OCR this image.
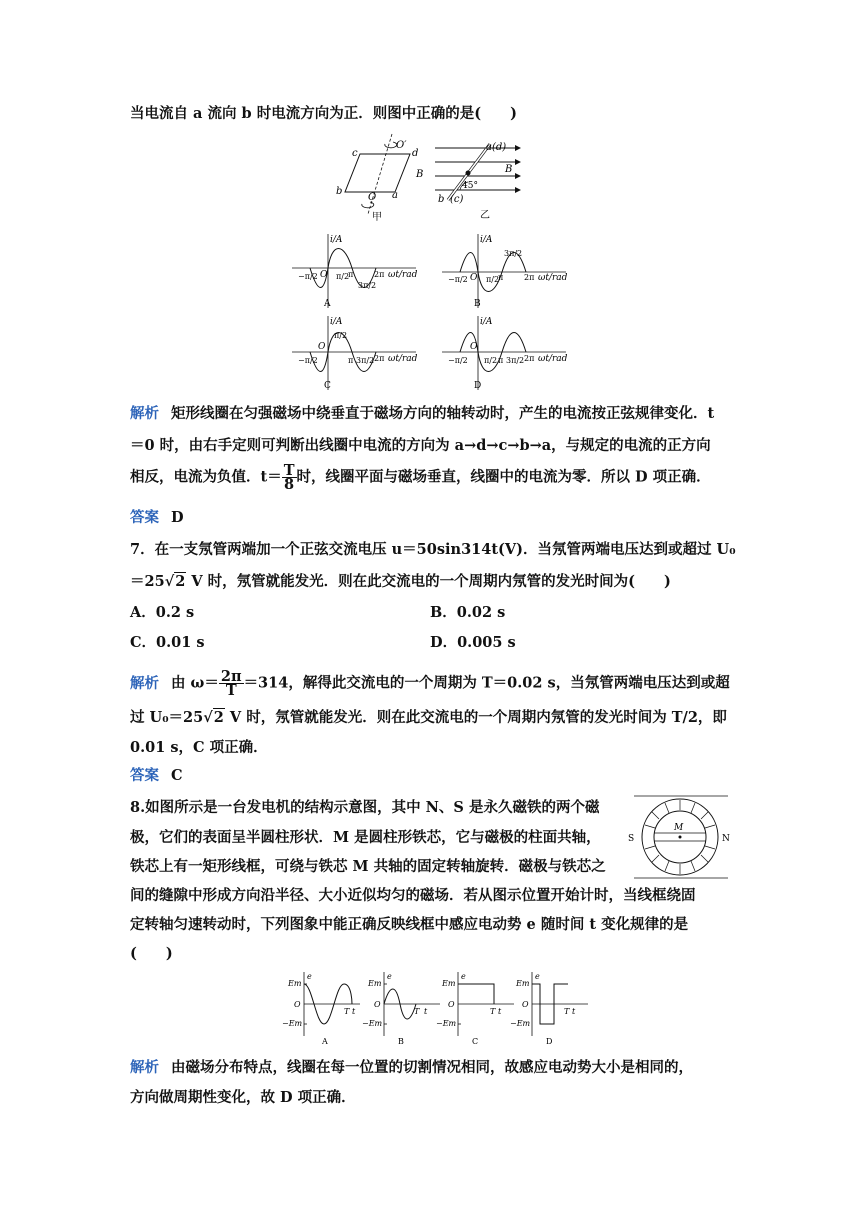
当电流自 a 流向 b 时电流方向为正．则图中正确的是(　　)
c	d
O′
B
b
O a
甲
a(d)
B
45°
b (c)
乙
i/A
ωt/rad
O
−π/2 π/2
π
3π/2
2π
A
i/A
ωt/rad
O
−π/2 π/2
π
3π/2
2π
B
i/A
ωt/rad
O
−π/2
π/2
π 3π/2 2π
C
i/A
ωt/rad
O
−π/2 π/2 π 3π/2 2π
D
解析 矩形线圈在匀强磁场中绕垂直于磁场方向的轴转动时，产生的电流按正弦规律变化．t
＝0 时，由右手定则可判断出线圈中电流的方向为 a→d→c→b→a，与规定的电流的正方向
相反，电流为负值．$t= \frac{T}{8}$ 时，线圈平面与磁场垂直，线圈中的电流为零．所以 D 项正确．
答案 D
7．在一支氖管两端加一个正弦交流电压 u＝50sin314t(V)．当氖管两端电压达到或超过 U₀
＝25√2 V 时，氖管就能发光．则在此交流电的一个周期内氖管的发光时间为(　　)
A．0.2 s	B．0.02 s
C．0.01 s	D．0.005 s
解析 由 $\omega= \frac{2\pi}{T} =314$，解得此交流电的一个周期为 T＝0.02 s，当氖管两端电压达到或超
过 U₀＝25√2 V 时，氖管就能发光．则在此交流电的一个周期内氖管的发光时间为 T/2，即
0.01 s，C 项正确．
答案 C
8.如图所示是一台发电机的结构示意图，其中 N、S 是永久磁铁的两个磁
极，它们的表面呈半圆柱形状．M 是圆柱形铁芯，它与磁极的柱面共轴，
铁芯上有一矩形线框，可绕与铁芯 M 共轴的固定转轴旋转．磁极与铁芯之
间的缝隙中形成方向沿半径、大小近似均匀的磁场．若从图示位置开始计时，当线框绕固
定转轴匀速转动时，下列图象中能正确反映线框中感应电动势 e 随时间 t 变化规律的是
(　　)
S	N
M
e
Em
O
−Em
T t
A
e
Em
O
−Em
T t
B
e
Em
O
−Em
T t
C
e
Em
O
−Em
T t
D
解析 由磁场分布特点，线圈在每一位置的切割情况相同，故感应电动势大小是相同的，
方向做周期性变化，故 D 项正确．
